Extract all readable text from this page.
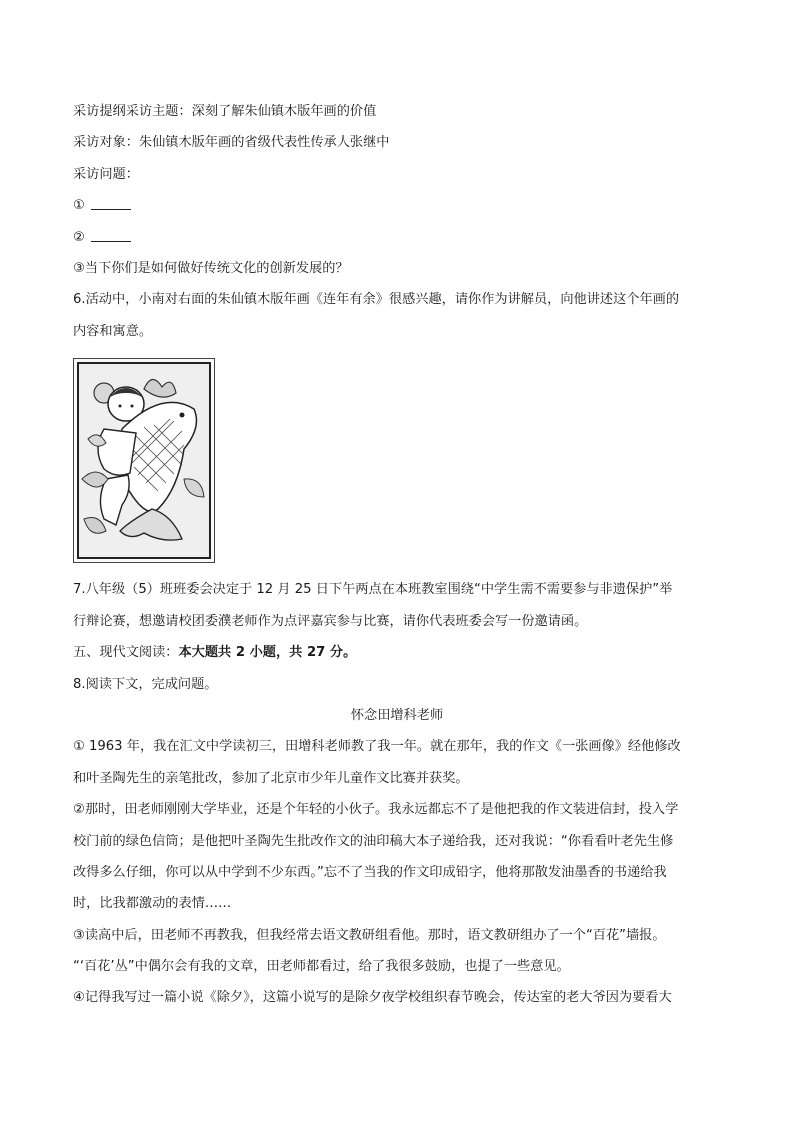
采访提纲采访主题：深刻了解朱仙镇木版年画的价值
采访对象：朱仙镇木版年画的省级代表性传承人张继中
采访问题：
①
②
③当下你们是如何做好传统文化的创新发展的？
6.活动中，小南对右面的朱仙镇木版年画《连年有余》很感兴趣，请你作为讲解员，向他讲述这个年画的
内容和寓意。
7.八年级（5）班班委会决定于 12 月 25 日下午两点在本班教室围绕“中学生需不需要参与非遗保护”举
行辩论赛，想邀请校团委濮老师作为点评嘉宾参与比赛，请你代表班委会写一份邀请函。
五、现代文阅读：本大题共 2 小题，共 27 分。
8.阅读下文，完成问题。
怀念田增科老师
① 1963 年，我在汇文中学读初三，田增科老师教了我一年。就在那年，我的作文《一张画像》经他修改
和叶圣陶先生的亲笔批改，参加了北京市少年儿童作文比赛并获奖。
②那时，田老师刚刚大学毕业，还是个年轻的小伙子。我永远都忘不了是他把我的作文装进信封，投入学
校门前的绿色信筒；是他把叶圣陶先生批改作文的油印稿大本子递给我，还对我说：“你看看叶老先生修
改得多么仔细，你可以从中学到不少东西。”忘不了当我的作文印成铅字，他将那散发油墨香的书递给我
时，比我都激动的表情……
③读高中后，田老师不再教我，但我经常去语文教研组看他。那时，语文教研组办了一个“百花”墙报。
“‘百花’丛”中偶尔会有我的文章，田老师都看过，给了我很多鼓励，也提了一些意见。
④记得我写过一篇小说《除夕》，这篇小说写的是除夕夜学校组织春节晚会，传达室的老大爷因为要看大
